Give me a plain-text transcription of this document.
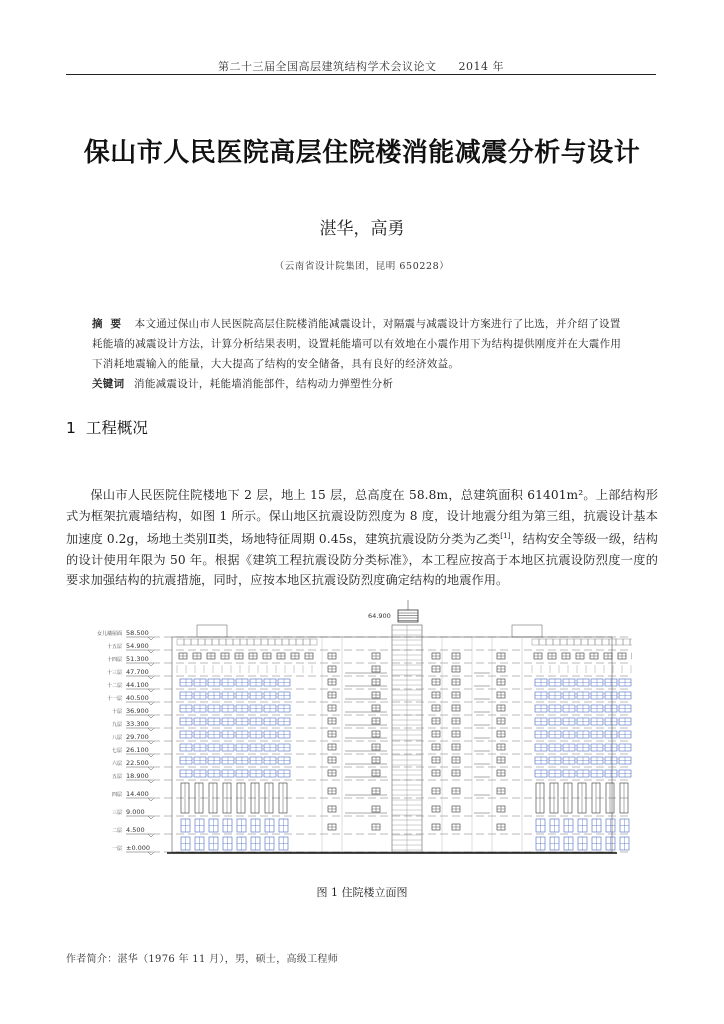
第二十三届全国高层建筑结构学术会议论文 2014 年
保山市人民医院高层住院楼消能减震分析与设计
湛华，高勇
（云南省设计院集团，昆明 650228）

摘要 本文通过保山市人民医院高层住院楼消能减震设计，对隔震与减震设计方案进行了比选，并介绍了设置

耗能墙的减震设计方法，计算分析结果表明，设置耗能墙可以有效地在小震作用下为结构提供刚度并在大震作用

下消耗地震输入的能量，大大提高了结构的安全储备，具有良好的经济效益。

关键词 消能减震设计，耗能墙消能部件，结构动力弹塑性分析

1 工程概况
保山市人民医院住院楼地下 2 层，地上 15 层，总高度在 58.8m，总建筑面积 61401m²。上部结构形式为框架抗震墙结构，如图 1 所示。保山地区抗震设防烈度为 8 度，设计地震分组为第三组，抗震设计基本加速度 0.2g，场地土类别Ⅱ类，场地特征周期 0.45s，建筑抗震设防分类为乙类[1]，结构安全等级一级，结构的设计使用年限为 50 年。根据《建筑工程抗震设防分类标准》，本工程应按高于本地区抗震设防烈度一度的要求加强结构的抗震措施，同时，应按本地区抗震设防烈度确定结构的地震作用。
女儿墙屋面 58.500
十五层 54.900
十四层 51.300
十三层 47.700
十二层 44.100
十一层 40.500
十层 36.900
九层 33.300
八层 29.700
七层 26.100
六层 22.500
五层 18.900
四层 14.400
三层 9.000
二层 4.500
一层 ±0.000
64.900
图 1 住院楼立面图
作者简介：湛华（1976 年 11 月），男，硕士，高级工程师
